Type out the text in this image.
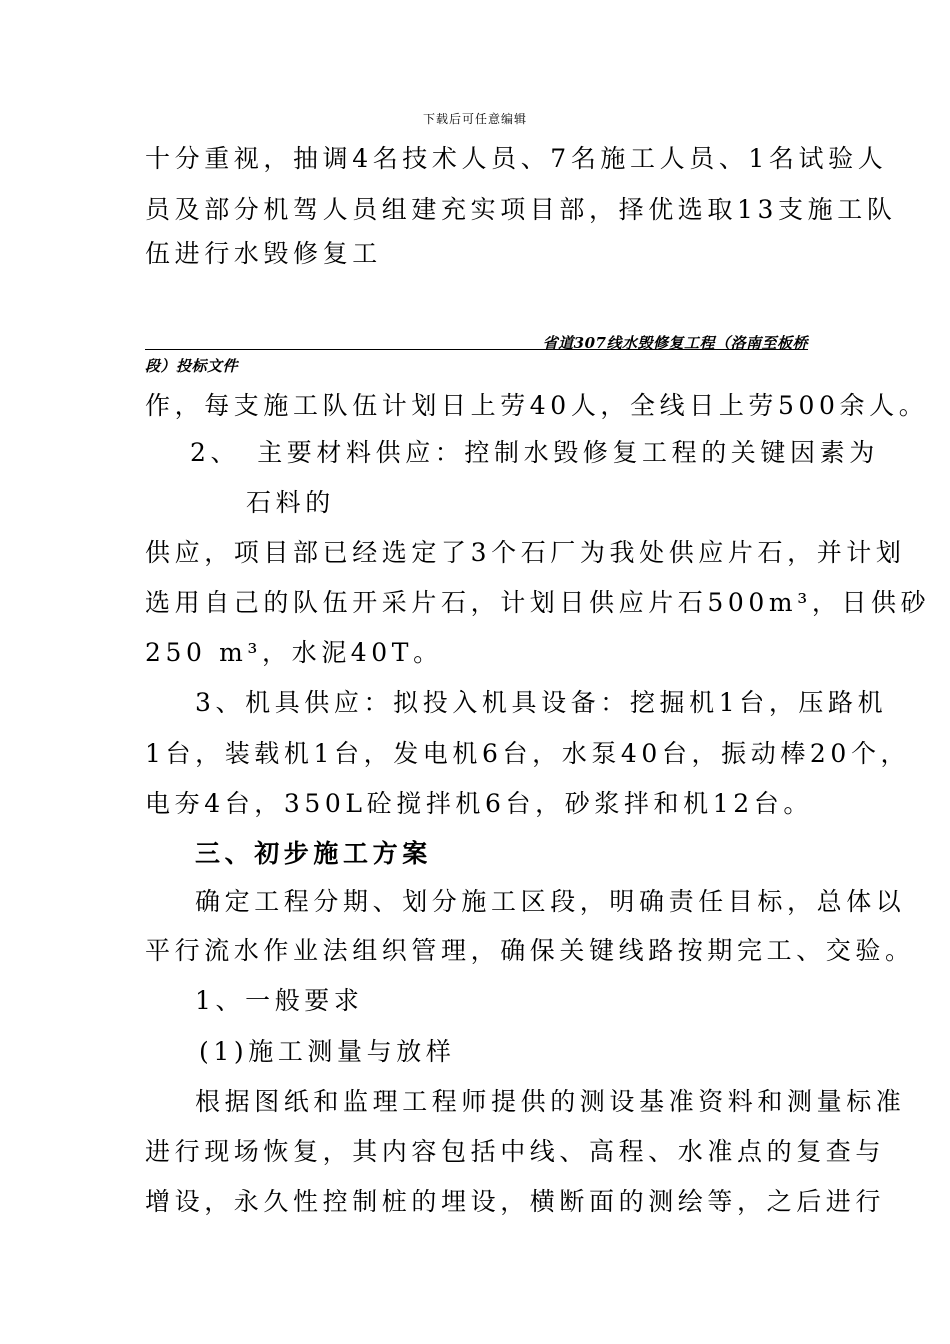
下载后可任意编辑
十分重视，抽调4名技术人员、7名施工人员、1名试验人
员及部分机驾人员组建充实项目部，择优选取13支施工队
伍进行水毁修复工
省道307线水毁修复工程（洛南至板桥
段）投标文件
作，每支施工队伍计划日上劳40人，全线日上劳500余人。
2、　主要材料供应：控制水毁修复工程的关键因素为
石料的
供应，项目部已经选定了3个石厂为我处供应片石，并计划
选用自己的队伍开采片石，计划日供应片石500m³，日供砂
250 m³，水泥40T。
3、机具供应：拟投入机具设备：挖掘机1台，压路机
1台，装载机1台，发电机6台，水泵40台，振动棒20个，
电夯4台，350L砼搅拌机6台，砂浆拌和机12台。
三、初步施工方案
确定工程分期、划分施工区段，明确责任目标，总体以
平行流水作业法组织管理，确保关键线路按期完工、交验。
1、一般要求
(1)施工测量与放样
根据图纸和监理工程师提供的测设基准资料和测量标准
进行现场恢复，其内容包括中线、高程、水准点的复查与
增设，永久性控制桩的埋设，横断面的测绘等，之后进行
